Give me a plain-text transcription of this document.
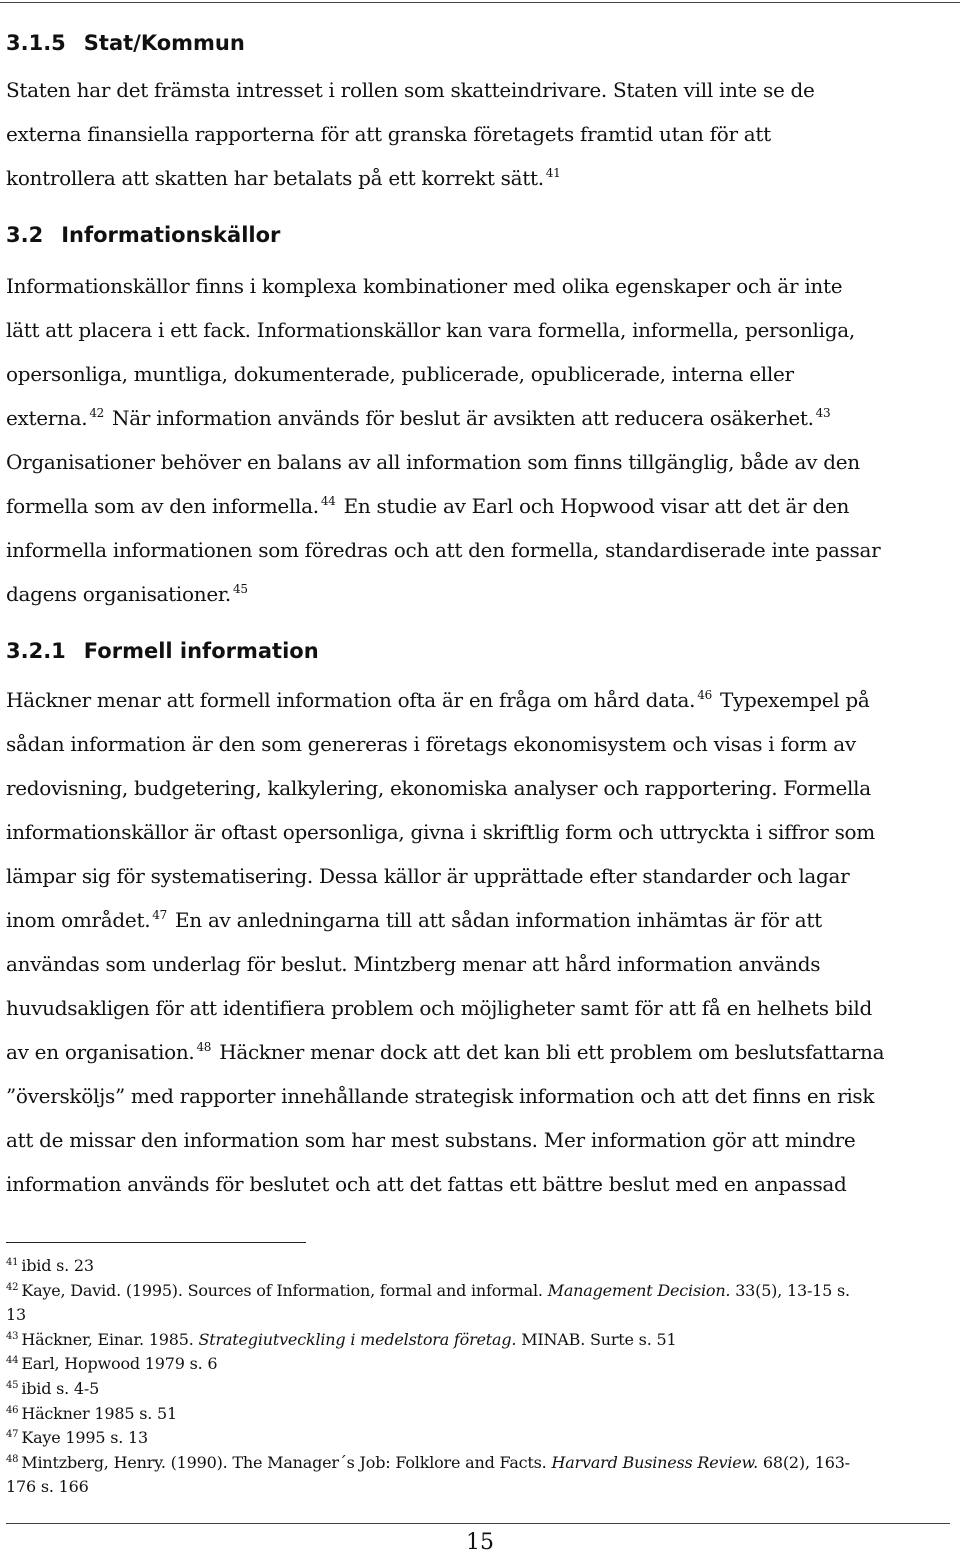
3.1.5 Stat/Kommun

Staten har det främsta intresset i rollen som skatteindrivare. Staten vill inte se de
externa finansiella rapporterna för att granska företagets framtid utan för att
kontrollera att skatten har betalats på ett korrekt sätt. $^{41}$

3.2 Informationskällor

Informationskällor finns i komplexa kombinationer med olika egenskaper och är inte
lätt att placera i ett fack. Informationskällor kan vara formella, informella, personliga,
opersonliga, muntliga, dokumenterade, publicerade, opublicerade, interna eller
externa. $^{42}$ När information används för beslut är avsikten att reducera osäkerhet. $^{43}$
Organisationer behöver en balans av all information som finns tillgänglig, både av den
formella som av den informella. $^{44}$ En studie av Earl och Hopwood visar att det är den
informella informationen som föredras och att den formella, standardiserade inte passar
dagens organisationer. $^{45}$

3.2.1 Formell information

Häckner menar att formell information ofta är en fråga om hård data. $^{46}$ Typexempel på
sådan information är den som genereras i företags ekonomisystem och visas i form av
redovisning, budgetering, kalkylering, ekonomiska analyser och rapportering. Formella
informationskällor är oftast opersonliga, givna i skriftlig form och uttryckta i siffror som
lämpar sig för systematisering. Dessa källor är upprättade efter standarder och lagar
inom området. $^{47}$ En av anledningarna till att sådan information inhämtas är för att
användas som underlag för beslut. Mintzberg menar att hård information används
huvudsakligen för att identifiera problem och möjligheter samt för att få en helhets bild
av en organisation. $^{48}$ Häckner menar dock att det kan bli ett problem om beslutsfattarna
”översköljs” med rapporter innehållande strategisk information och att det finns en risk
att de missar den information som har mest substans. Mer information gör att mindre
information används för beslutet och att det fattas ett bättre beslut med en anpassad

$^{41}$ ibid s. 23
$^{42}$ Kaye, David. (1995). Sources of Information, formal and informal. Management Decision. 33(5), 13-15 s.
13
$^{43}$ Häckner, Einar. 1985. Strategiutveckling i medelstora företag. MINAB. Surte s. 51
$^{44}$ Earl, Hopwood 1979 s. 6
$^{45}$ ibid s. 4-5
$^{46}$ Häckner 1985 s. 51
$^{47}$ Kaye 1995 s. 13
$^{48}$ Mintzberg, Henry. (1990). The Manager´s Job: Folklore and Facts. Harvard Business Review. 68(2), 163-
176 s. 166
15
